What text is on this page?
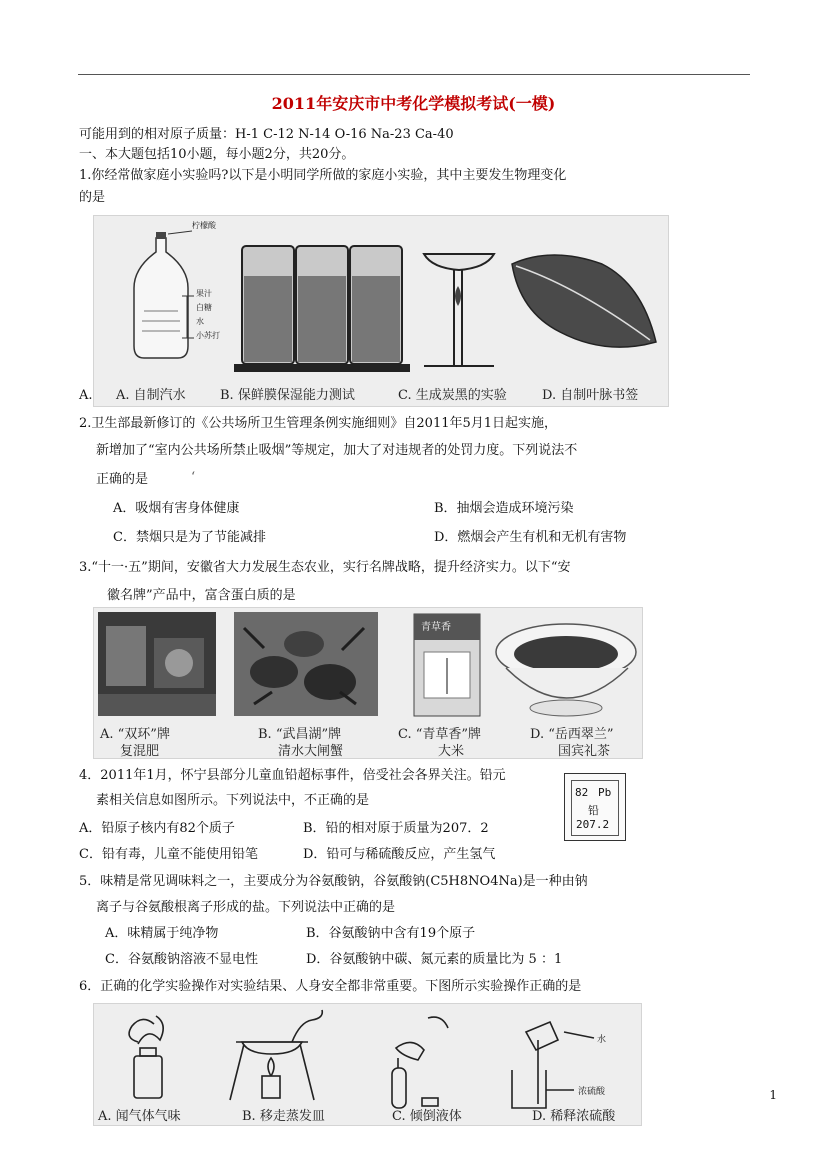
2011年安庆市中考化学模拟考试(一模)
可能用到的相对原子质量：H-1 C-12 N-14 O-16 Na-23 Ca-40
一、本大题包括10小题，每小题2分，共20分。
1.你经常做家庭小实验吗?以下是小明同学所做的家庭小实验，其中主要发生物理变化
的是
柠檬酸
果汁
白糖
水
小苏打
A. 自制汽水	B. 保鲜膜保湿能力测试	C. 生成炭黑的实验	D. 自制叶脉书签
A.
2.卫生部最新修订的《公共场所卫生管理条例实施细则》自2011年5月1日起实施，
新增加了“室内公共场所禁止吸烟”等规定，加大了对违规者的处罚力度。下列说法不
正确的是	‘
A．吸烟有害身体健康	B．抽烟会造成环境污染
C．禁烟只是为了节能减排	D．燃烟会产生有机和无机有害物
3.“十一·五”期间，安徽省大力发展生态农业，实行名牌战略，提升经济实力。以下“安
徽名牌”产品中，富含蛋白质的是
青草香
A. “双环”牌
复混肥
B. “武昌湖”牌
清水大闸蟹
C. “青草香”牌
大米
D. “岳西翠兰”
国宾礼茶
4．2011年1月，怀宁县部分儿童血铅超标事件，倍受社会各界关注。铅元
素相关信息如图所示。下列说法中，不正确的是
A．铅原子核内有82个质子	B．铅的相对原于质量为207．2
C．铅有毒，儿童不能使用铅笔	D．铅可与稀硫酸反应，产生氢气
82 Pb
铅
207.2
5．味精是常见调味料之一，主要成分为谷氨酸钠，谷氨酸钠(C5H8NO4Na)是一种由钠
离子与谷氨酸根离子形成的盐。下列说法中正确的是
A．味精属于纯净物	B．谷氨酸钠中含有19个原子
C．谷氨酸钠溶液不显电性	D．谷氨酸钠中碳、氮元素的质量比为 5 ：1
6．正确的化学实验操作对实验结果、人身安全都非常重要。下图所示实验操作正确的是
水
浓硫酸
A. 闻气体气味	B. 移走蒸发皿	C. 倾倒液体	D. 稀释浓硫酸
1
